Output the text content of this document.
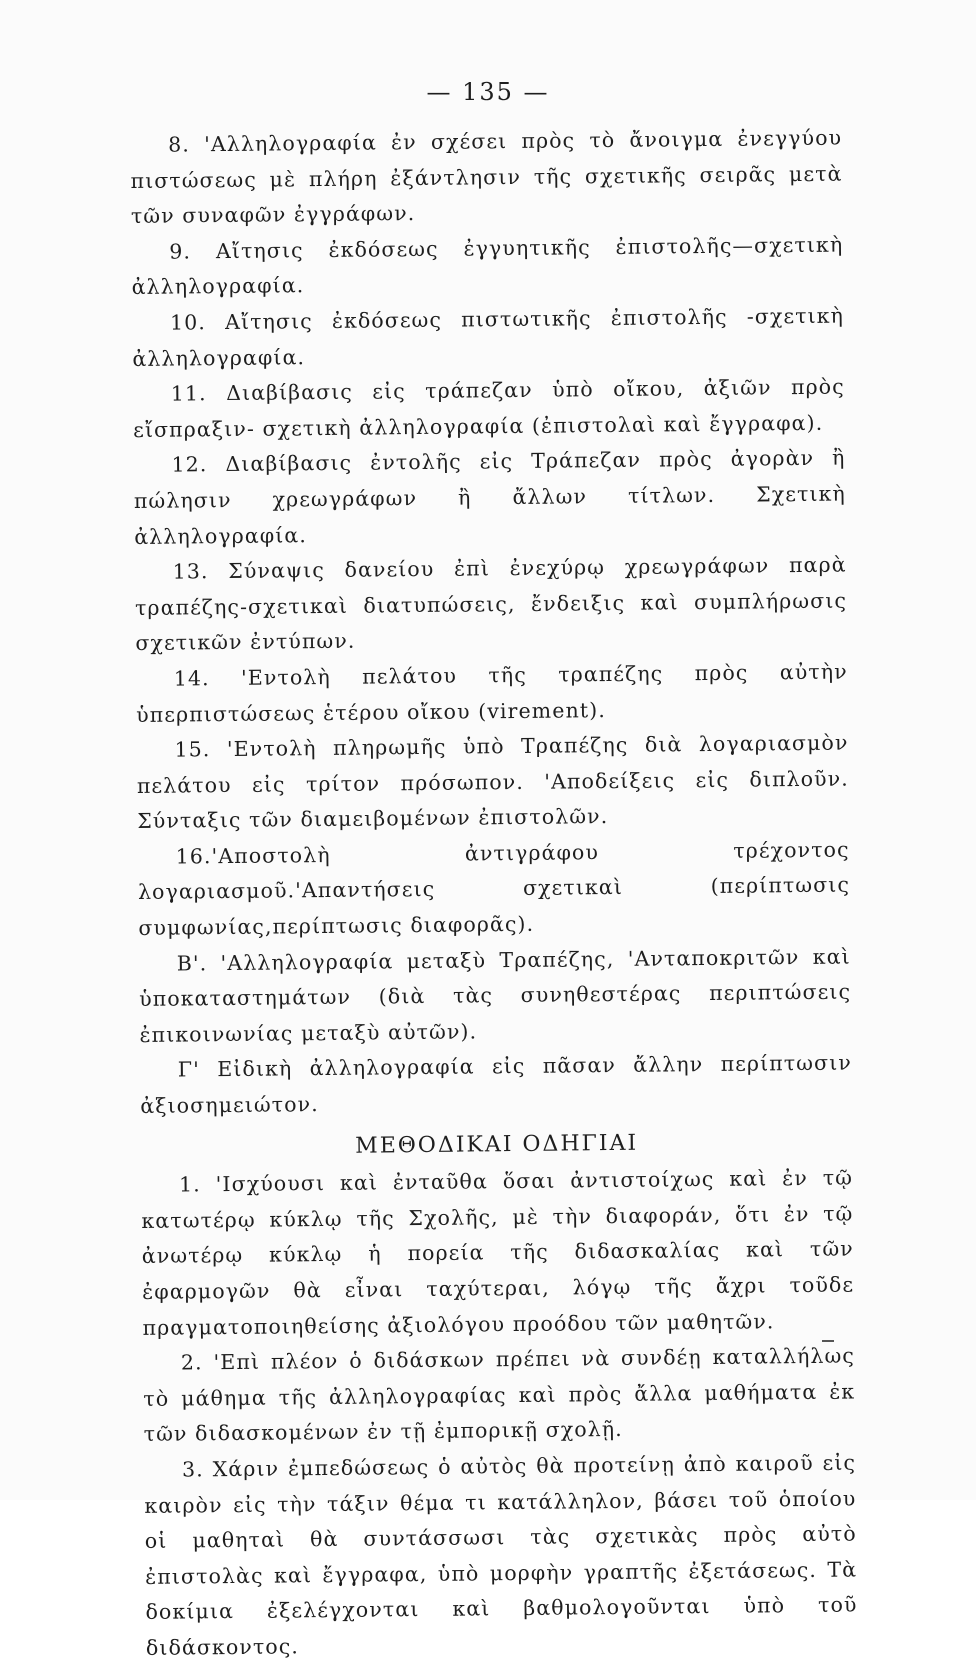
— 135 —

8. 'Αλληλογραφία ἐν σχέσει πρὸς τὸ ἄνοιγμα ἐνεγγύου πιστώσεως μὲ πλήρη ἐξάντλησιν τῆς σχετικῆς σειρᾶς μετὰ τῶν συναφῶν ἐγγράφων.

9. Αἴτησις ἐκδόσεως ἐγγυητικῆς ἐπιστολῆς—σχετικὴ ἀλληλογραφία.

10. Αἴτησις ἐκδόσεως πιστωτικῆς ἐπιστολῆς -σχετικὴ ἀλληλογραφία.

11. Διαβίβασις εἰς τράπεζαν ὑπὸ οἴκου, ἀξιῶν πρὸς εἴσπραξιν- σχετικὴ ἀλληλογραφία (ἐπιστολαὶ καὶ ἔγγραφα).

12. Διαβίβασις ἐντολῆς εἰς Τράπεζαν πρὸς ἀγορὰν ἢ πώλησιν χρεωγράφων ἢ ἄλλων τίτλων. Σχετικὴ ἀλληλογραφία.

13. Σύναψις δανείου ἐπὶ ἐνεχύρῳ χρεωγράφων παρὰ τραπέζης-σχετικαὶ διατυπώσεις, ἔνδειξις καὶ συμπλήρωσις σχετικῶν ἐντύπων.

14. 'Εντολὴ πελάτου τῆς τραπέζης πρὸς αὐτὴν ὑπερπιστώσεως ἑτέρου οἴκου (virement).

15. 'Εντολὴ πληρωμῆς ὑπὸ Τραπέζης διὰ λογαριασμὸν πελάτου εἰς τρίτον πρόσωπον. 'Αποδείξεις εἰς διπλοῦν. Σύνταξις τῶν διαμειβομένων ἐπιστολῶν.

16.'Αποστολὴ ἀντιγράφου τρέχοντος λογαριασμοῦ.'Απαντήσεις σχετικαὶ (περίπτωσις συμφωνίας,περίπτωσις διαφορᾶς).

Β'. 'Αλληλογραφία μεταξὺ Τραπέζης, 'Ανταποκριτῶν καὶ ὑποκαταστημάτων (διὰ τὰς συνηθεστέρας περιπτώσεις ἐπικοινωνίας μεταξὺ αὐτῶν).

Γ' Εἰδικὴ ἀλληλογραφία εἰς πᾶσαν ἄλλην περίπτωσιν ἀξιοσημειώτον.

ΜΕΘΟΔΙΚΑΙ ΟΔΗΓΙΑΙ

1. 'Ισχύουσι καὶ ἐνταῦθα ὅσαι ἀντιστοίχως καὶ ἐν τῷ κατωτέρῳ κύκλῳ τῆς Σχολῆς, μὲ τὴν διαφοράν, ὅτι ἐν τῷ ἀνωτέρῳ κύκλῳ ἡ πορεία τῆς διδασκαλίας καὶ τῶν ἐφαρμογῶν θὰ εἶναι ταχύτεραι, λόγῳ τῆς ἄχρι τοῦδε πραγματοποιηθείσης ἀξιολόγου προόδου τῶν μαθητῶν.

2. 'Επὶ πλέον ὁ διδάσκων πρέπει νὰ συνδέῃ καταλλήλως τὸ μάθημα τῆς ἀλληλογραφίας καὶ πρὸς ἄλλα μαθήματα ἐκ τῶν διδασκομένων ἐν τῇ ἐμπορικῇ σχολῇ.

3. Χάριν ἐμπεδώσεως ὁ αὐτὸς θὰ προτείνῃ ἀπὸ καιροῦ εἰς καιρὸν εἰς τὴν τάξιν θέμα τι κατάλληλον, βάσει τοῦ ὁποίου οἱ μαθηταὶ θὰ συντάσσωσι τὰς σχετικὰς πρὸς αὐτὸ ἐπιστολὰς καὶ ἔγγραφα, ὑπὸ μορφὴν γραπτῆς ἐξετάσεως. Τὰ δοκίμια ἐξελέγχονται καὶ βαθμολογοῦνται ὑπὸ τοῦ διδάσκοντος.
